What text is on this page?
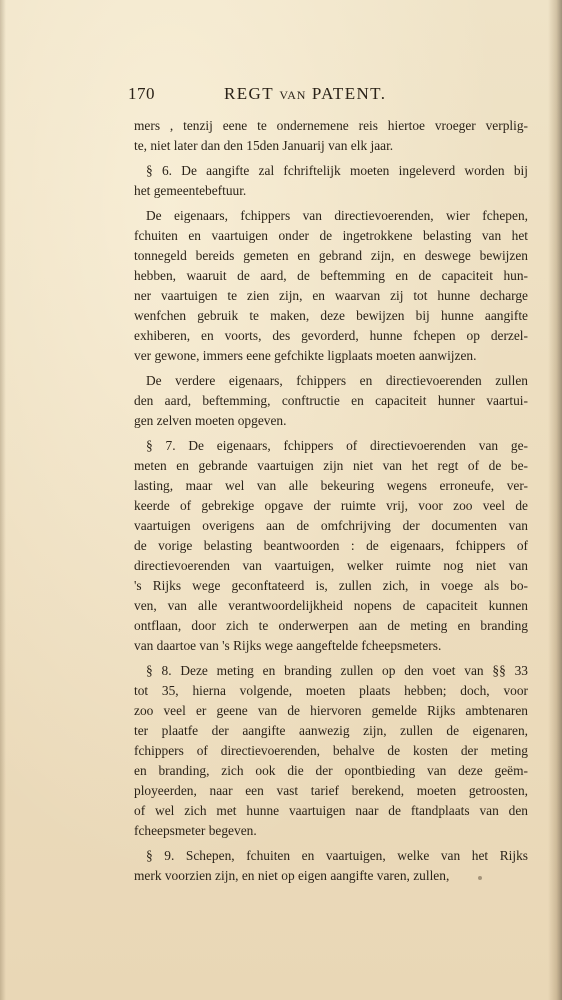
170	REGT VAN PATENT.
mers , tenzij eene te ondernemene reis hiertoe vroeger verplig-
te, niet later dan den 15den Januarij van elk jaar.
§ 6. De aangifte zal fchriftelijk moeten ingeleverd worden bij
het gemeentebeftuur.
De eigenaars, fchippers van directievoerenden, wier fchepen,
fchuiten en vaartuigen onder de ingetrokkene belasting van het
tonnegeld bereids gemeten en gebrand zijn, en deswege bewijzen
hebben, waaruit de aard, de beftemming en de capaciteit hun-
ner vaartuigen te zien zijn, en waarvan zij tot hunne decharge
wenfchen gebruik te maken, deze bewijzen bij hunne aangifte
exhiberen, en voorts, des gevorderd, hunne fchepen op derzel-
ver gewone, immers eene gefchikte ligplaats moeten aanwijzen.
De verdere eigenaars, fchippers en directievoerenden zullen
den aard, beftemming, conftructie en capaciteit hunner vaartui-
gen zelven moeten opgeven.
§ 7. De eigenaars, fchippers of directievoerenden van ge-
meten en gebrande vaartuigen zijn niet van het regt of de be-
lasting, maar wel van alle bekeuring wegens erroneufe, ver-
keerde of gebrekige opgave der ruimte vrij, voor zoo veel de
vaartuigen overigens aan de omfchrijving der documenten van
de vorige belasting beantwoorden : de eigenaars, fchippers of
directievoerenden van vaartuigen, welker ruimte nog niet van
's Rijks wege geconftateerd is, zullen zich, in voege als bo-
ven, van alle verantwoordelijkheid nopens de capaciteit kunnen
ontflaan, door zich te onderwerpen aan de meting en branding
van daartoe van 's Rijks wege aangeftelde fcheepsmeters.
§ 8. Deze meting en branding zullen op den voet van §§ 33
tot 35, hierna volgende, moeten plaats hebben; doch, voor
zoo veel er geene van de hiervoren gemelde Rijks ambtenaren
ter plaatfe der aangifte aanwezig zijn, zullen de eigenaren,
fchippers of directievoerenden, behalve de kosten der meting
en branding, zich ook die der opontbieding van deze geëm-
ployeerden, naar een vast tarief berekend, moeten getroosten,
of wel zich met hunne vaartuigen naar de ftandplaats van den
fcheepsmeter begeven.
§ 9. Schepen, fchuiten en vaartuigen, welke van het Rijks
merk voorzien zijn, en niet op eigen aangifte varen, zullen,
